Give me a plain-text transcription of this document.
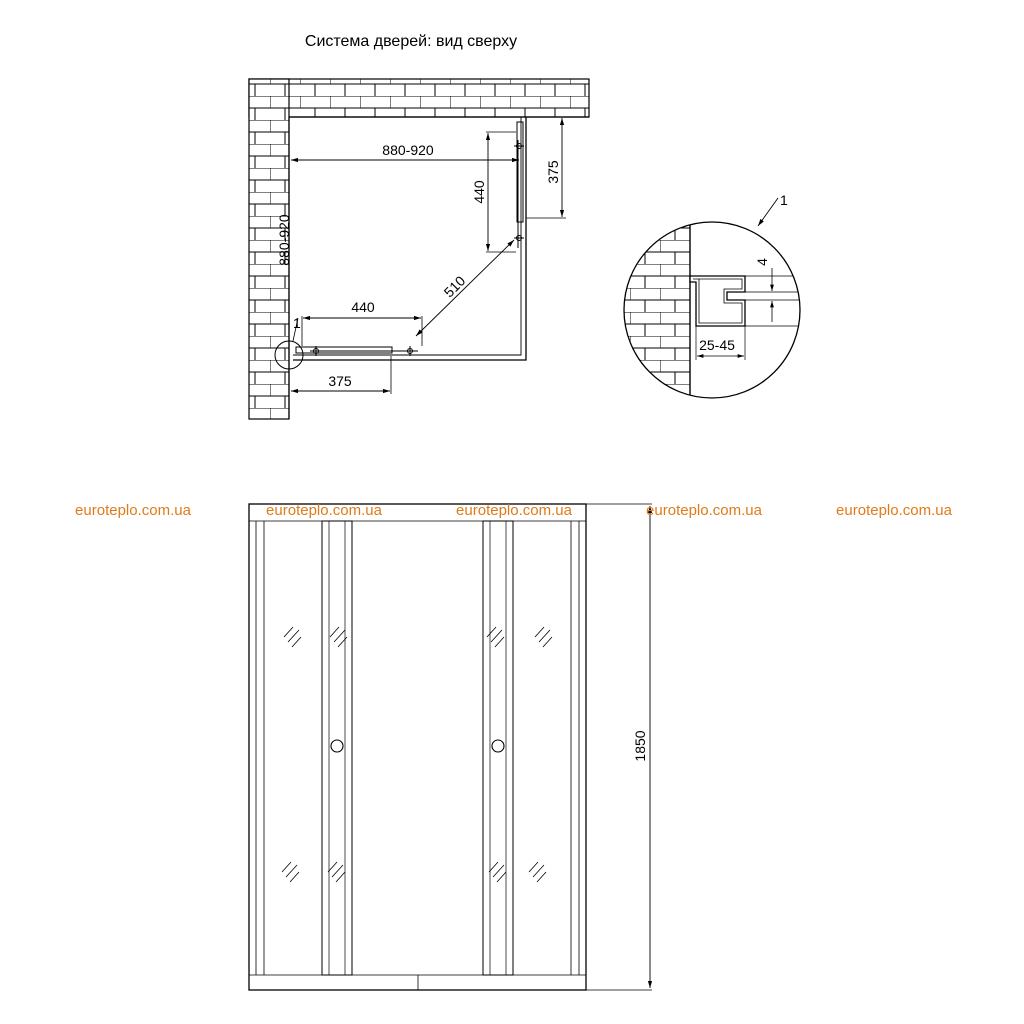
Система дверей: вид сверху
880-920
880-920
375
440
440
510
375
1
4
25-45
1
1850
euroteplo.com.ua	euroteplo.com.ua	euroteplo.com.ua	euroteplo.com.ua	euroteplo.com.ua
